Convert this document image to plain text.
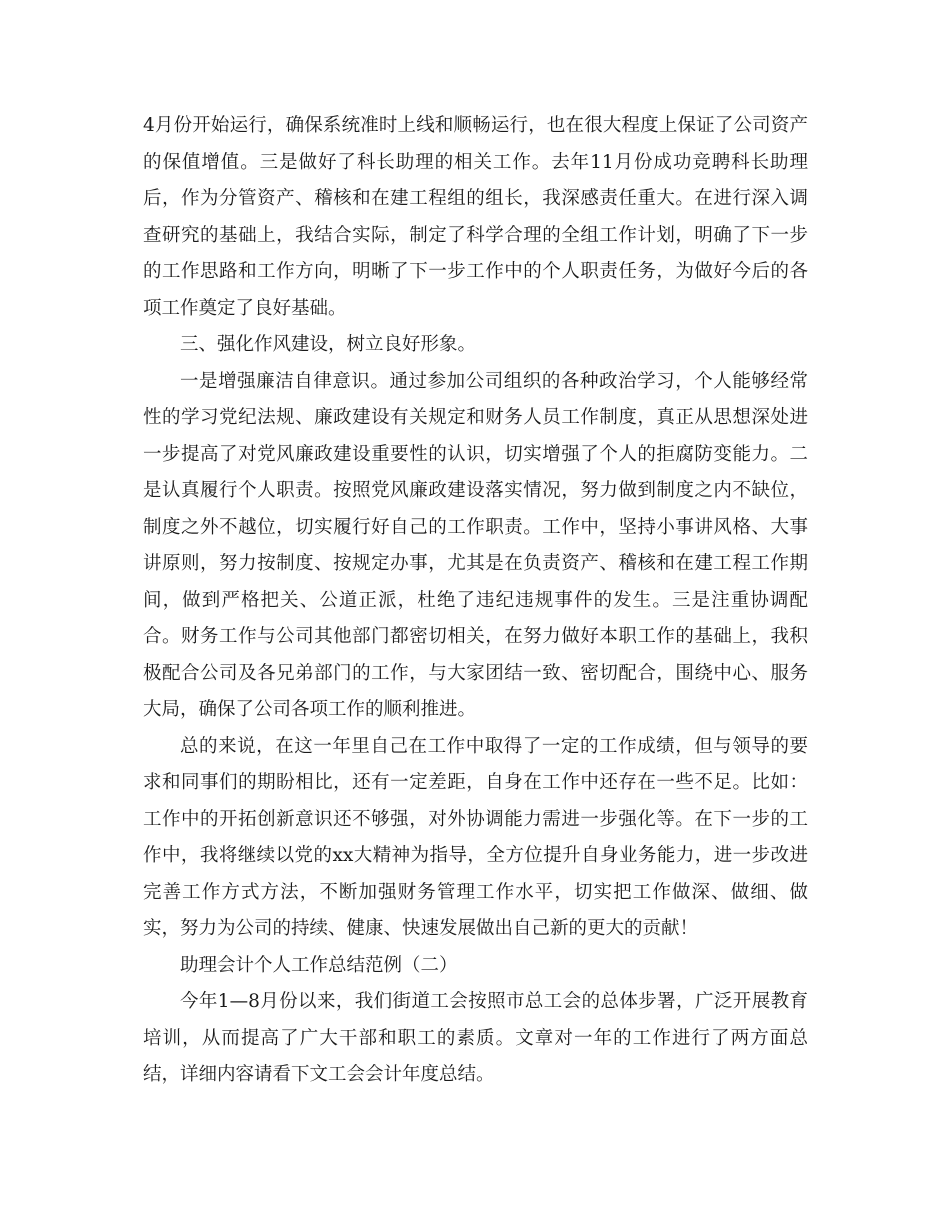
4月份开始运行，确保系统准时上线和顺畅运行，也在很大程度上保证了公司资产的保值增值。三是做好了科长助理的相关工作。去年11月份成功竞聘科长助理后，作为分管资产、稽核和在建工程组的组长，我深感责任重大。在进行深入调查研究的基础上，我结合实际，制定了科学合理的全组工作计划，明确了下一步的工作思路和工作方向，明晰了下一步工作中的个人职责任务，为做好今后的各项工作奠定了良好基础。

三、强化作风建设，树立良好形象。

一是增强廉洁自律意识。通过参加公司组织的各种政治学习，个人能够经常性的学习党纪法规、廉政建设有关规定和财务人员工作制度，真正从思想深处进一步提高了对党风廉政建设重要性的认识，切实增强了个人的拒腐防变能力。二是认真履行个人职责。按照党风廉政建设落实情况，努力做到制度之内不缺位，制度之外不越位，切实履行好自己的工作职责。工作中，坚持小事讲风格、大事讲原则，努力按制度、按规定办事，尤其是在负责资产、稽核和在建工程工作期间，做到严格把关、公道正派，杜绝了违纪违规事件的发生。三是注重协调配合。财务工作与公司其他部门都密切相关，在努力做好本职工作的基础上，我积极配合公司及各兄弟部门的工作，与大家团结一致、密切配合，围绕中心、服务大局，确保了公司各项工作的顺利推进。

总的来说，在这一年里自己在工作中取得了一定的工作成绩，但与领导的要求和同事们的期盼相比，还有一定差距，自身在工作中还存在一些不足。比如：工作中的开拓创新意识还不够强，对外协调能力需进一步强化等。在下一步的工作中，我将继续以党的xx大精神为指导，全方位提升自身业务能力，进一步改进完善工作方式方法，不断加强财务管理工作水平，切实把工作做深、做细、做实，努力为公司的持续、健康、快速发展做出自己新的更大的贡献！

助理会计个人工作总结范例（二）

今年1—8月份以来，我们街道工会按照市总工会的总体步署，广泛开展教育培训，从而提高了广大干部和职工的素质。文章对一年的工作进行了两方面总结，详细内容请看下文工会会计年度总结。
